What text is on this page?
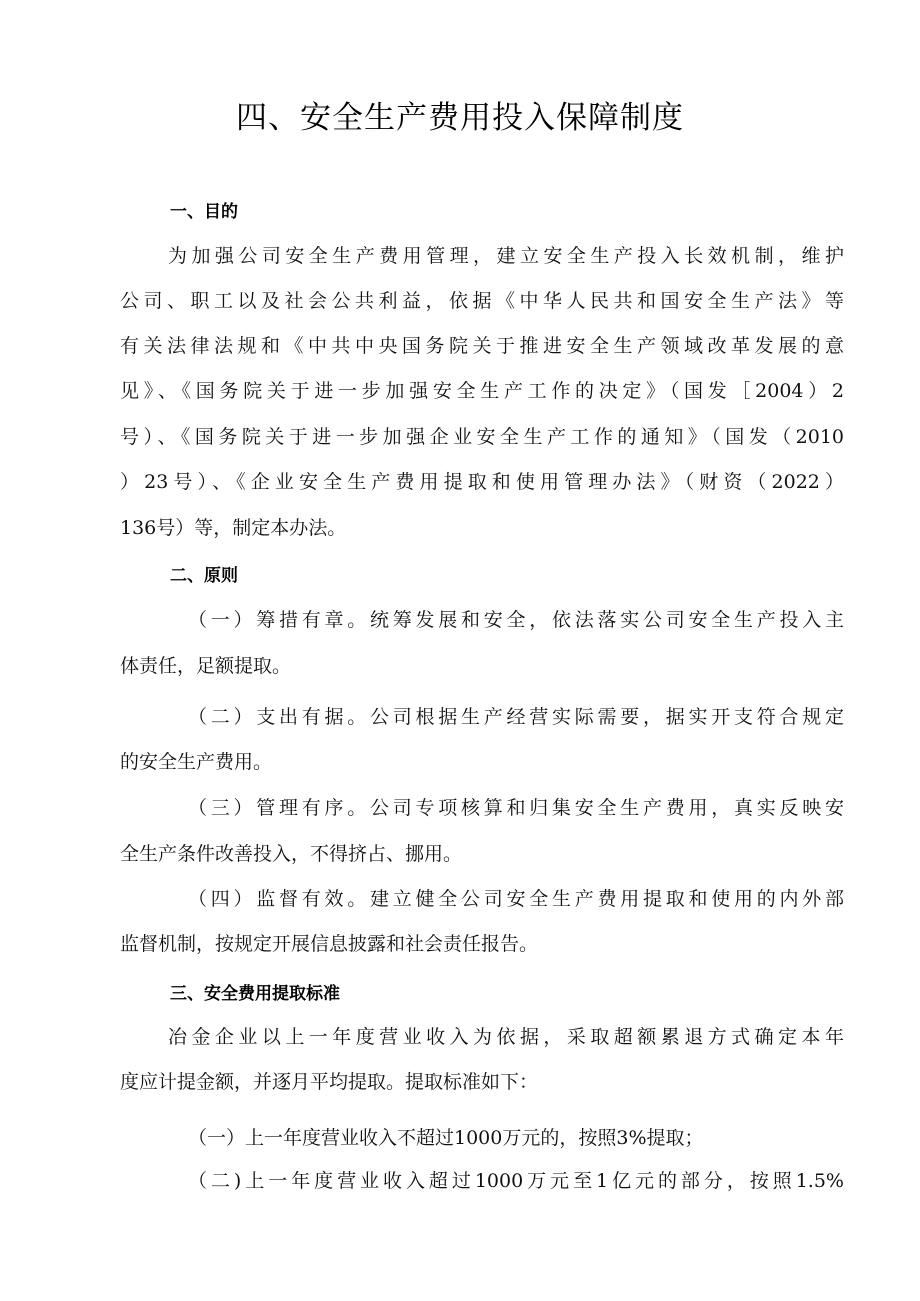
四、安全生产费用投入保障制度
一、目的
为加强公司安全生产费用管理，建立安全生产投入长效机制，维护
公司、职工以及社会公共利益，依据《中华人民共和国安全生产法》等
有关法律法规和《中共中央国务院关于推进安全生产领域改革发展的意
见》、《国务院关于进一步加强安全生产工作的决定》（国发［2004）2
号）、《国务院关于进一步加强企业安全生产工作的通知》（国发（2010
）23号）、《企业安全生产费用提取和使用管理办法》（财资（2022）
136号）等，制定本办法。
二、原则
（一）筹措有章。统筹发展和安全，依法落实公司安全生产投入主
体责任，足额提取。
（二）支出有据。公司根据生产经营实际需要，据实开支符合规定
的安全生产费用。
（三）管理有序。公司专项核算和归集安全生产费用，真实反映安
全生产条件改善投入，不得挤占、挪用。
（四）监督有效。建立健全公司安全生产费用提取和使用的内外部
监督机制，按规定开展信息披露和社会责任报告。
三、安全费用提取标准
冶金企业以上一年度营业收入为依据，采取超额累退方式确定本年
度应计提金额，并逐月平均提取。提取标准如下：
（一）上一年度营业收入不超过1000万元的，按照3%提取；
（二)上一年度营业收入超过1000万元至1亿元的部分，按照1.5%
